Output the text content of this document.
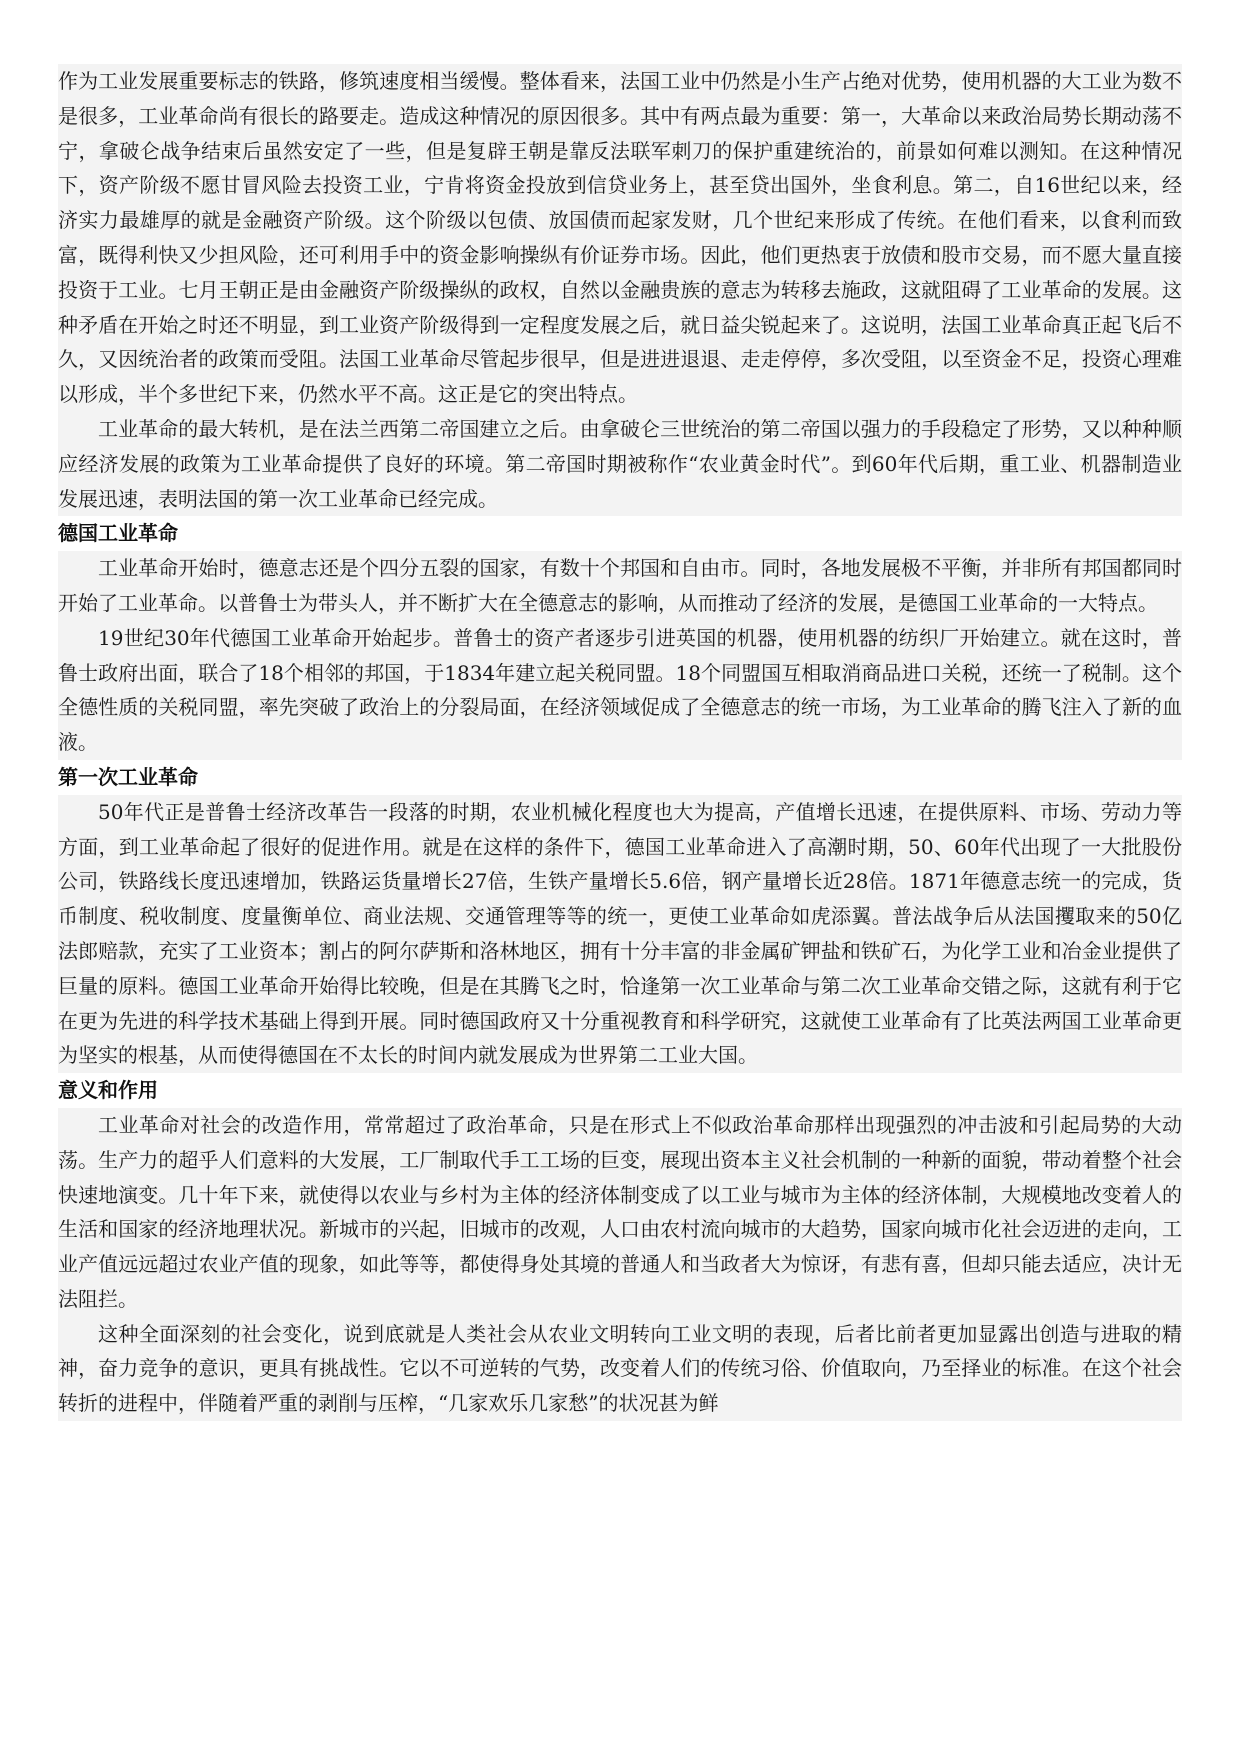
作为工业发展重要标志的铁路，修筑速度相当缓慢。整体看来，法国工业中仍然是小生产占绝对优势，使用机器的大工业为数不是很多，工业革命尚有很长的路要走。造成这种情况的原因很多。其中有两点最为重要：第一，大革命以来政治局势长期动荡不宁，拿破仑战争结束后虽然安定了一些，但是复辟王朝是靠反法联军刺刀的保护重建统治的，前景如何难以测知。在这种情况下，资产阶级不愿甘冒风险去投资工业，宁肯将资金投放到信贷业务上，甚至贷出国外，坐食利息。第二，自16世纪以来，经济实力最雄厚的就是金融资产阶级。这个阶级以包债、放国债而起家发财，几个世纪来形成了传统。在他们看来，以食利而致富，既得利快又少担风险，还可利用手中的资金影响操纵有价证券市场。因此，他们更热衷于放债和股市交易，而不愿大量直接投资于工业。七月王朝正是由金融资产阶级操纵的政权，自然以金融贵族的意志为转移去施政，这就阻碍了工业革命的发展。这种矛盾在开始之时还不明显，到工业资产阶级得到一定程度发展之后，就日益尖锐起来了。这说明，法国工业革命真正起飞后不久，又因统治者的政策而受阻。法国工业革命尽管起步很早，但是进进退退、走走停停，多次受阻，以至资金不足，投资心理难以形成，半个多世纪下来，仍然水平不高。这正是它的突出特点。

工业革命的最大转机，是在法兰西第二帝国建立之后。由拿破仑三世统治的第二帝国以强力的手段稳定了形势，又以种种顺应经济发展的政策为工业革命提供了良好的环境。第二帝国时期被称作“农业黄金时代”。到60年代后期，重工业、机器制造业发展迅速，表明法国的第一次工业革命已经完成。

德国工业革命

工业革命开始时，德意志还是个四分五裂的国家，有数十个邦国和自由市。同时，各地发展极不平衡，并非所有邦国都同时开始了工业革命。以普鲁士为带头人，并不断扩大在全德意志的影响，从而推动了经济的发展，是德国工业革命的一大特点。

19世纪30年代德国工业革命开始起步。普鲁士的资产者逐步引进英国的机器，使用机器的纺织厂开始建立。就在这时，普鲁士政府出面，联合了18个相邻的邦国，于1834年建立起关税同盟。18个同盟国互相取消商品进口关税，还统一了税制。这个全德性质的关税同盟，率先突破了政治上的分裂局面，在经济领域促成了全德意志的统一市场，为工业革命的腾飞注入了新的血液。

第一次工业革命

50年代正是普鲁士经济改革告一段落的时期，农业机械化程度也大为提高，产值增长迅速，在提供原料、市场、劳动力等方面，到工业革命起了很好的促进作用。就是在这样的条件下，德国工业革命进入了高潮时期，50、60年代出现了一大批股份公司，铁路线长度迅速增加，铁路运货量增长27倍，生铁产量增长5.6倍，钢产量增长近28倍。1871年德意志统一的完成，货币制度、税收制度、度量衡单位、商业法规、交通管理等等的统一，更使工业革命如虎添翼。普法战争后从法国攫取来的50亿法郎赔款，充实了工业资本；割占的阿尔萨斯和洛林地区，拥有十分丰富的非金属矿钾盐和铁矿石，为化学工业和冶金业提供了巨量的原料。德国工业革命开始得比较晚，但是在其腾飞之时，恰逢第一次工业革命与第二次工业革命交错之际，这就有利于它在更为先进的科学技术基础上得到开展。同时德国政府又十分重视教育和科学研究，这就使工业革命有了比英法两国工业革命更为坚实的根基，从而使得德国在不太长的时间内就发展成为世界第二工业大国。

意义和作用

工业革命对社会的改造作用，常常超过了政治革命，只是在形式上不似政治革命那样出现强烈的冲击波和引起局势的大动荡。生产力的超乎人们意料的大发展，工厂制取代手工工场的巨变，展现出资本主义社会机制的一种新的面貌，带动着整个社会快速地演变。几十年下来，就使得以农业与乡村为主体的经济体制变成了以工业与城市为主体的经济体制，大规模地改变着人的生活和国家的经济地理状况。新城市的兴起，旧城市的改观，人口由农村流向城市的大趋势，国家向城市化社会迈进的走向，工业产值远远超过农业产值的现象，如此等等，都使得身处其境的普通人和当政者大为惊讶，有悲有喜，但却只能去适应，决计无法阻拦。

这种全面深刻的社会变化，说到底就是人类社会从农业文明转向工业文明的表现，后者比前者更加显露出创造与进取的精神，奋力竞争的意识，更具有挑战性。它以不可逆转的气势，改变着人们的传统习俗、价值取向，乃至择业的标准。在这个社会转折的进程中，伴随着严重的剥削与压榨，“几家欢乐几家愁”的状况甚为鲜
